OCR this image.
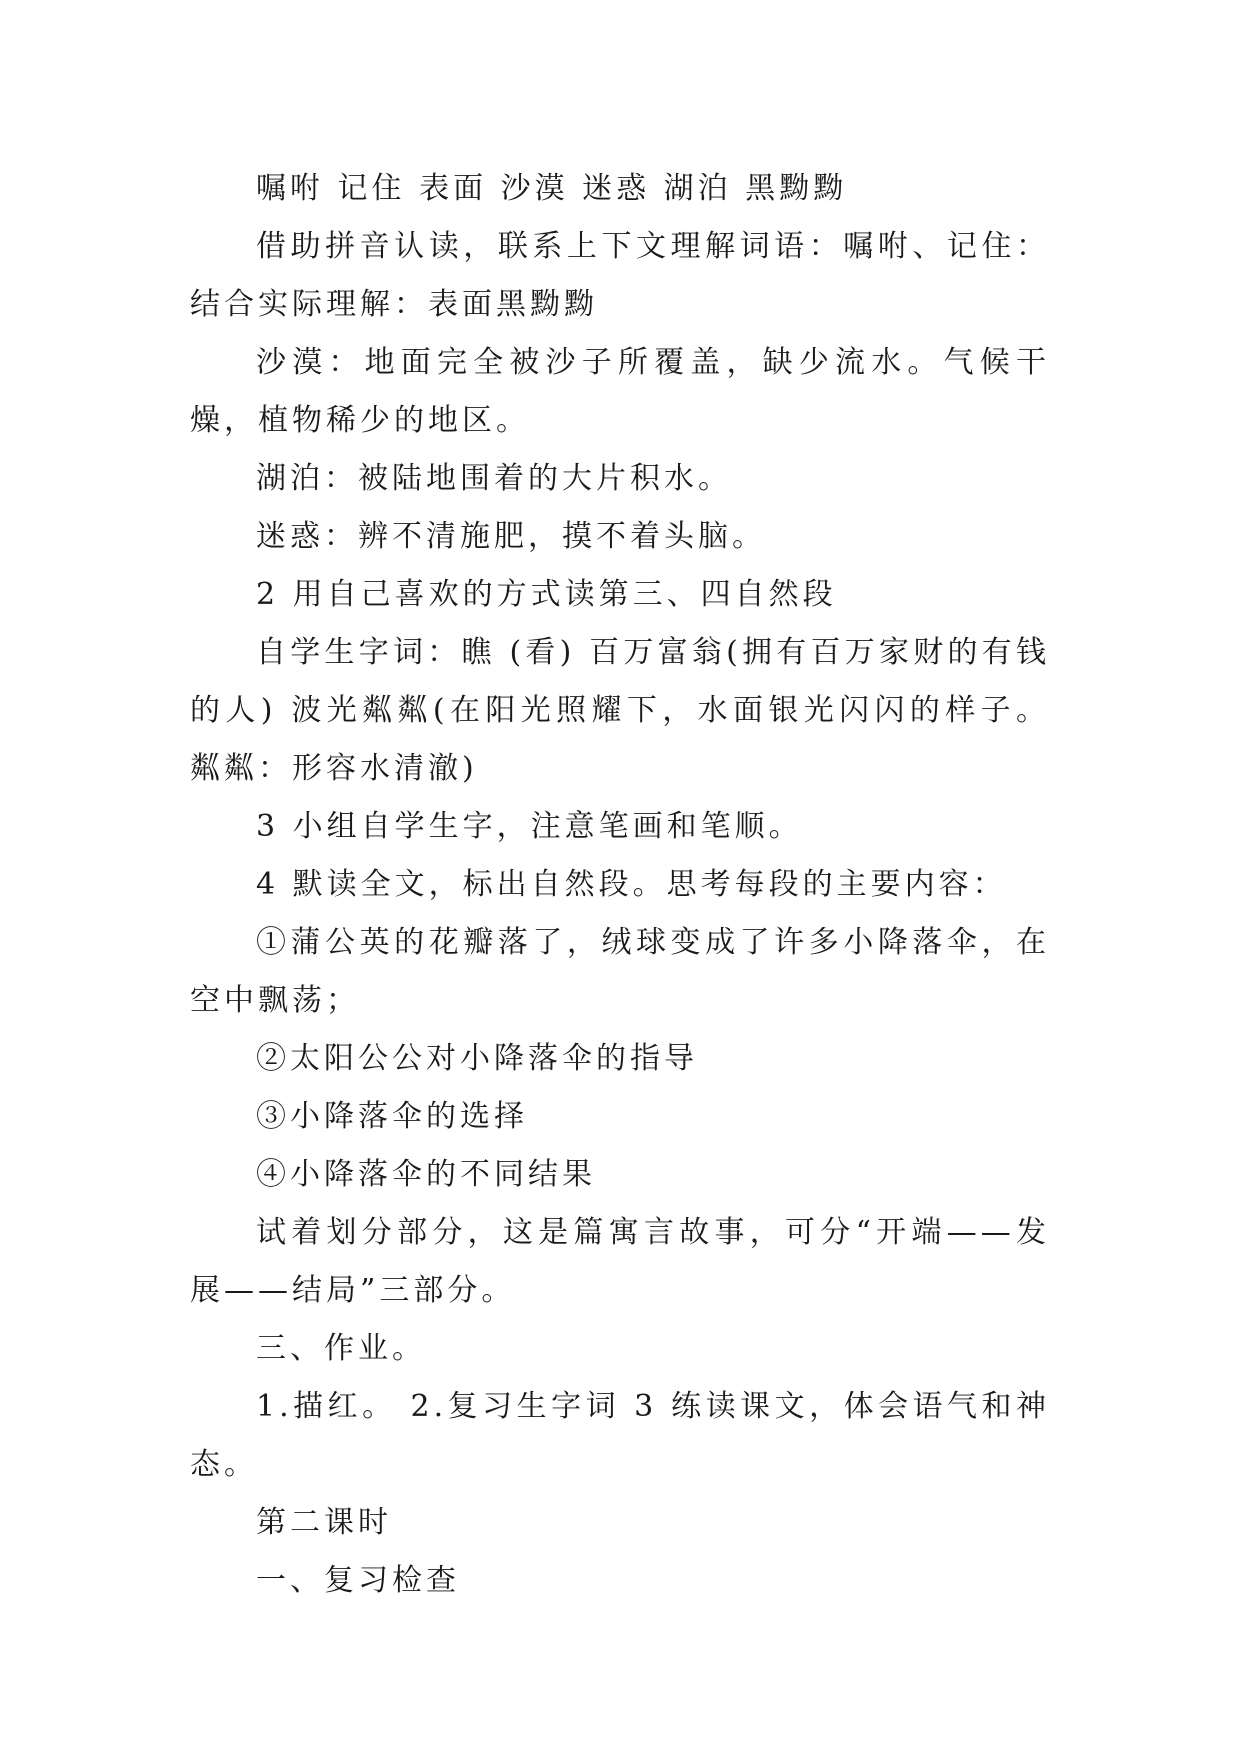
嘱咐 记住 表面 沙漠 迷惑 湖泊 黑黝黝

借助拼音认读，联系上下文理解词语：嘱咐、记住：结合实际理解：表面黑黝黝

沙漠：地面完全被沙子所覆盖，缺少流水。气候干燥，植物稀少的地区。

湖泊：被陆地围着的大片积水。

迷惑：辨不清施肥，摸不着头脑。

2 用自己喜欢的方式读第三、四自然段

自学生字词：瞧 (看) 百万富翁(拥有百万家财的有钱的人) 波光粼粼(在阳光照耀下，水面银光闪闪的样子。粼粼：形容水清澈)

3 小组自学生字，注意笔画和笔顺。

4 默读全文，标出自然段。思考每段的主要内容：

①蒲公英的花瓣落了，绒球变成了许多小降落伞，在空中飘荡；

②太阳公公对小降落伞的指导

③小降落伞的选择

④小降落伞的不同结果

试着划分部分，这是篇寓言故事，可分“开端——发展——结局”三部分。

三、作业。

1.描红。 2.复习生字词 3 练读课文，体会语气和神态。

第二课时

一、复习检查
